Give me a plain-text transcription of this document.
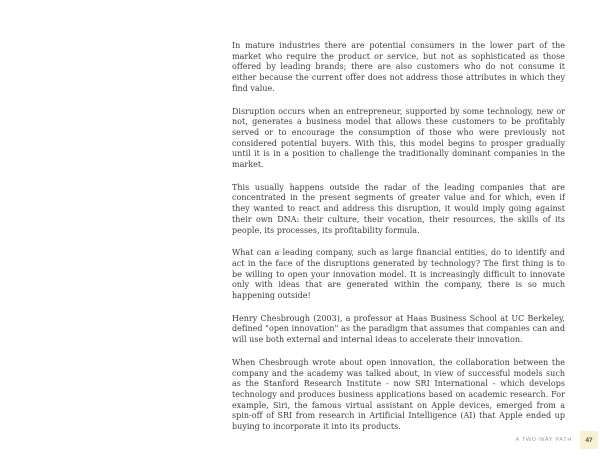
In mature industries there are potential consumers in the lower part of the market who require the product or service, but not as sophisticated as those offered by leading brands; there are also customers who do not consume it either because the current offer does not address those attributes in which they find value.

Disruption occurs when an entrepreneur, supported by some technology, new or not, generates a business model that allows these customers to be profitably served or to encourage the consumption of those who were previously not considered potential buyers. With this, this model begins to prosper gradually until it is in a position to challenge the traditionally dominant companies in the market.

This usually happens outside the radar of the leading companies that are concentrated in the present segments of greater value and for which, even if they wanted to react and address this disruption, it would imply going against their own DNA: their culture, their vocation, their resources, the skills of its people, its processes, its profitability formula.

What can a leading company, such as large financial entities, do to identify and act in the face of the disruptions generated by technology? The first thing is to be willing to open your innovation model. It is increasingly difficult to innovate only with ideas that are generated within the company, there is so much happening outside!

Henry Chesbrough (2003), a professor at Haas Business School at UC Berkeley, defined "open innovation" as the paradigm that assumes that companies can and will use both external and internal ideas to accelerate their innovation.

When Chesbrough wrote about open innovation, the collaboration between the company and the academy was talked about, in view of successful models such as the Stanford Research Institute - now SRI International - which develops technology and produces business applications based on academic research. For example, Siri, the famous virtual assistant on Apple devices, emerged from a spin-off of SRI from research in Artificial Intelligence (AI) that Apple ended up buying to incorporate it into its products.

A TWO-WAY PATH	47
